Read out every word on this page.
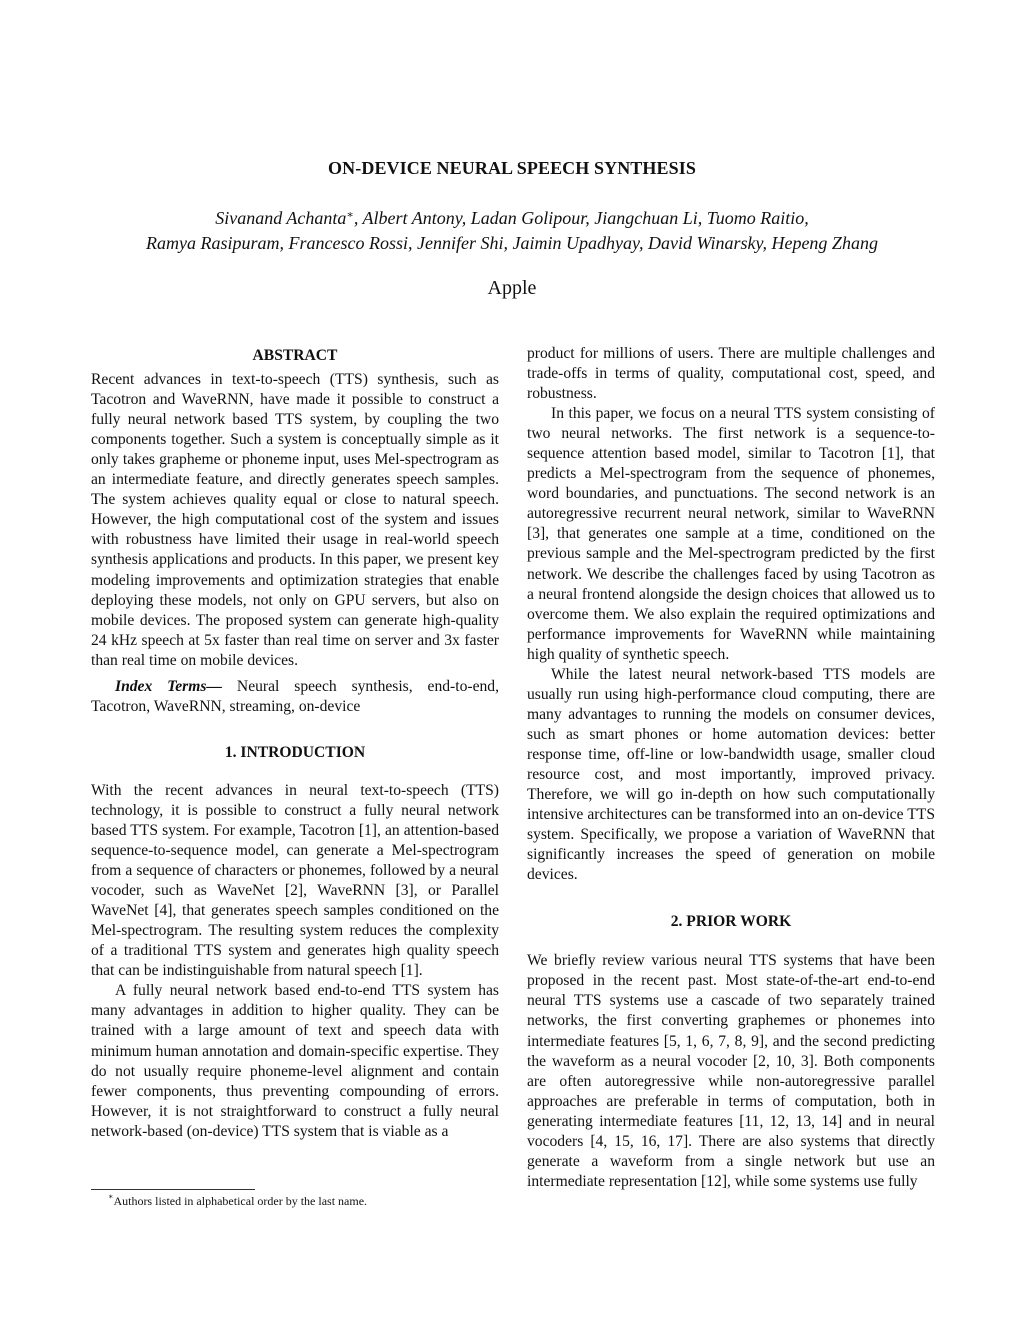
ON-DEVICE NEURAL SPEECH SYNTHESIS
Sivanand Achanta∗, Albert Antony, Ladan Golipour, Jiangchuan Li, Tuomo Raitio,
Ramya Rasipuram, Francesco Rossi, Jennifer Shi, Jaimin Upadhyay, David Winarsky, Hepeng Zhang
Apple
ABSTRACT

Recent advances in text-to-speech (TTS) synthesis, such as Tacotron and WaveRNN, have made it possible to construct a fully neural network based TTS system, by coupling the two components together. Such a system is conceptually simple as it only takes grapheme or phoneme input, uses Mel-spectrogram as an intermediate feature, and directly generates speech samples. The system achieves quality equal or close to natural speech. However, the high computational cost of the system and issues with robustness have limited their usage in real-world speech synthesis applications and products. In this paper, we present key modeling improvements and optimization strategies that enable deploying these models, not only on GPU servers, but also on mobile devices. The proposed system can generate high-quality 24 kHz speech at 5x faster than real time on server and 3x faster than real time on mobile devices.

Index Terms— Neural speech synthesis, end-to-end, Tacotron, WaveRNN, streaming, on-device

1. INTRODUCTION

With the recent advances in neural text-to-speech (TTS) technology, it is possible to construct a fully neural network based TTS system. For example, Tacotron [1], an attention-based sequence-to-sequence model, can generate a Mel-spectrogram from a sequence of characters or phonemes, followed by a neural vocoder, such as WaveNet [2], WaveRNN [3], or Parallel WaveNet [4], that generates speech samples conditioned on the Mel-spectrogram. The resulting system reduces the complexity of a traditional TTS system and generates high quality speech that can be indistinguishable from natural speech [1].

A fully neural network based end-to-end TTS system has many advantages in addition to higher quality. They can be trained with a large amount of text and speech data with minimum human annotation and domain-specific expertise. They do not usually require phoneme-level alignment and contain fewer components, thus preventing compounding of errors. However, it is not straightforward to construct a fully neural network-based (on-device) TTS system that is viable as a

product for millions of users. There are multiple challenges and trade-offs in terms of quality, computational cost, speed, and robustness.

In this paper, we focus on a neural TTS system consisting of two neural networks. The first network is a sequence-to-sequence attention based model, similar to Tacotron [1], that predicts a Mel-spectrogram from the sequence of phonemes, word boundaries, and punctuations. The second network is an autoregressive recurrent neural network, similar to WaveRNN [3], that generates one sample at a time, conditioned on the previous sample and the Mel-spectrogram predicted by the first network. We describe the challenges faced by using Tacotron as a neural frontend alongside the design choices that allowed us to overcome them. We also explain the required optimizations and performance improvements for WaveRNN while maintaining high quality of synthetic speech.

While the latest neural network-based TTS models are usually run using high-performance cloud computing, there are many advantages to running the models on consumer devices, such as smart phones or home automation devices: better response time, off-line or low-bandwidth usage, smaller cloud resource cost, and most importantly, improved privacy. Therefore, we will go in-depth on how such computationally intensive architectures can be transformed into an on-device TTS system. Specifically, we propose a variation of WaveRNN that significantly increases the speed of generation on mobile devices.

2. PRIOR WORK

We briefly review various neural TTS systems that have been proposed in the recent past. Most state-of-the-art end-to-end neural TTS systems use a cascade of two separately trained networks, the first converting graphemes or phonemes into intermediate features [5, 1, 6, 7, 8, 9], and the second predicting the waveform as a neural vocoder [2, 10, 3]. Both components are often autoregressive while non-autoregressive parallel approaches are preferable in terms of computation, both in generating intermediate features [11, 12, 13, 14] and in neural vocoders [4, 15, 16, 17]. There are also systems that directly generate a waveform from a single network but use an intermediate representation [12], while some systems use fully

∗Authors listed in alphabetical order by the last name.
